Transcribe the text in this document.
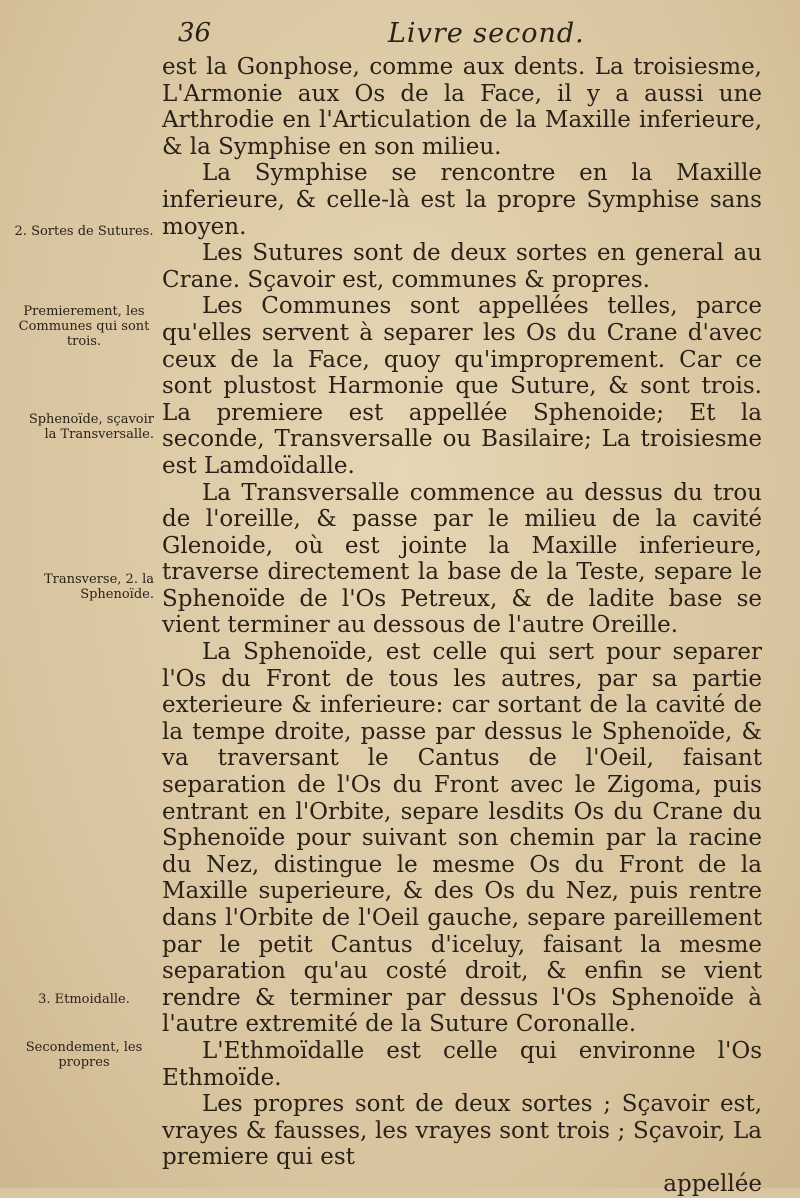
36	Livre second.

est la Gonphose, comme aux dents. La troisiesme, L'Armonie aux Os de la Face, il y a aussi une Arthrodie en l'Articulation de la Maxille inferieure, & la Symphise en son milieu.

La Symphise se rencontre en la Maxille inferieure, & celle-là est la propre Symphise sans moyen.

Les Sutures sont de deux sortes en general au Crane. Sçavoir est, communes & propres.

Les Communes sont appellées telles, parce qu'elles servent à separer les Os du Crane d'avec ceux de la Face, quoy qu'improprement. Car ce sont plustost Harmonie que Suture, & sont trois. La premiere est appellée Sphenoide; Et la seconde, Transversalle ou Basilaire; La troisiesme est Lamdoïdalle.

La Transversalle commence au dessus du trou de l'oreille, & passe par le milieu de la cavité Glenoide, où est jointe la Maxille inferieure, traverse directement la base de la Teste, separe le Sphenoïde de l'Os Petreux, & de ladite base se vient terminer au dessous de l'autre Oreille.

La Sphenoïde, est celle qui sert pour separer l'Os du Front de tous les autres, par sa partie exterieure & inferieure: car sortant de la cavité de la tempe droite, passe par dessus le Sphenoïde, & va traversant le Cantus de l'Oeil, faisant separation de l'Os du Front avec le Zigoma, puis entrant en l'Orbite, separe lesdits Os du Crane du Sphenoïde pour suivant son chemin par la racine du Nez, distingue le mesme Os du Front de la Maxille superieure, & des Os du Nez, puis rentre dans l'Orbite de l'Oeil gauche, separe pareillement par le petit Cantus d'iceluy, faisant la mesme separation qu'au costé droit, & enfin se vient rendre & terminer par dessus l'Os Sphenoïde à l'autre extremité de la Suture Coronalle.

L'Ethmoïdalle est celle qui environne l'Os Ethmoïde.

Les propres sont de deux sortes ; Sçavoir est, vrayes & fausses, les vrayes sont trois ; Sçavoir, La premiere qui est

appellée

2. Sortes de Sutures.
Premierement, les Communes qui sont trois.
Sphenoïde, sçavoir la Transversalle.
Transverse, 2. la Sphenoïde.
3. Etmoidalle.
Secondement, les propres
